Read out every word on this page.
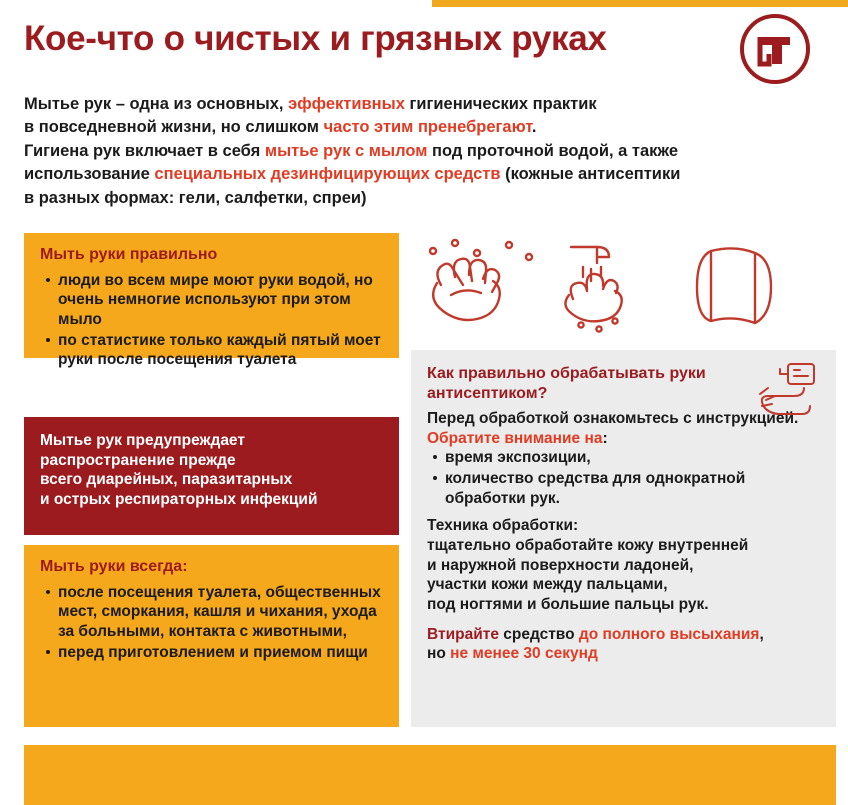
Кое-что о чистых и грязных руках
Мытье рук – одна из основных, эффективных гигиенических практик
в повседневной жизни, но слишком часто этим пренебрегают.
Гигиена рук включает в себя мытье рук с мылом под проточной водой, а также
использование специальных дезинфицирующих средств (кожные антисептики
в разных формах: гели, салфетки, спреи)
Мыть руки правильно
люди во всем мире моют руки водой, но очень немногие используют при этом мыло
по статистике только каждый пятый моет руки после посещения туалета

Мытье рук предупреждает

распространение прежде

всего диарейных, паразитарных

и острых респираторных инфекций

Мыть руки всегда:
после посещения туалета, общественных мест, сморкания, кашля и чихания, ухода за больными, контакта с животными,
перед приготовлением и приемом пищи
Как правильно обрабатывать руки
антисептиком?

Перед обработкой ознакомьтесь с инструкцией. Обратите внимание на:

время экспозиции,
количество средства для однократной обработки рук.

Техника обработки:

тщательно обработайте кожу внутренней

и наружной поверхности ладоней,

участки кожи между пальцами,

под ногтями и большие пальцы рук.

Втирайте средство до полного высыхания,

но не менее 30 секунд
